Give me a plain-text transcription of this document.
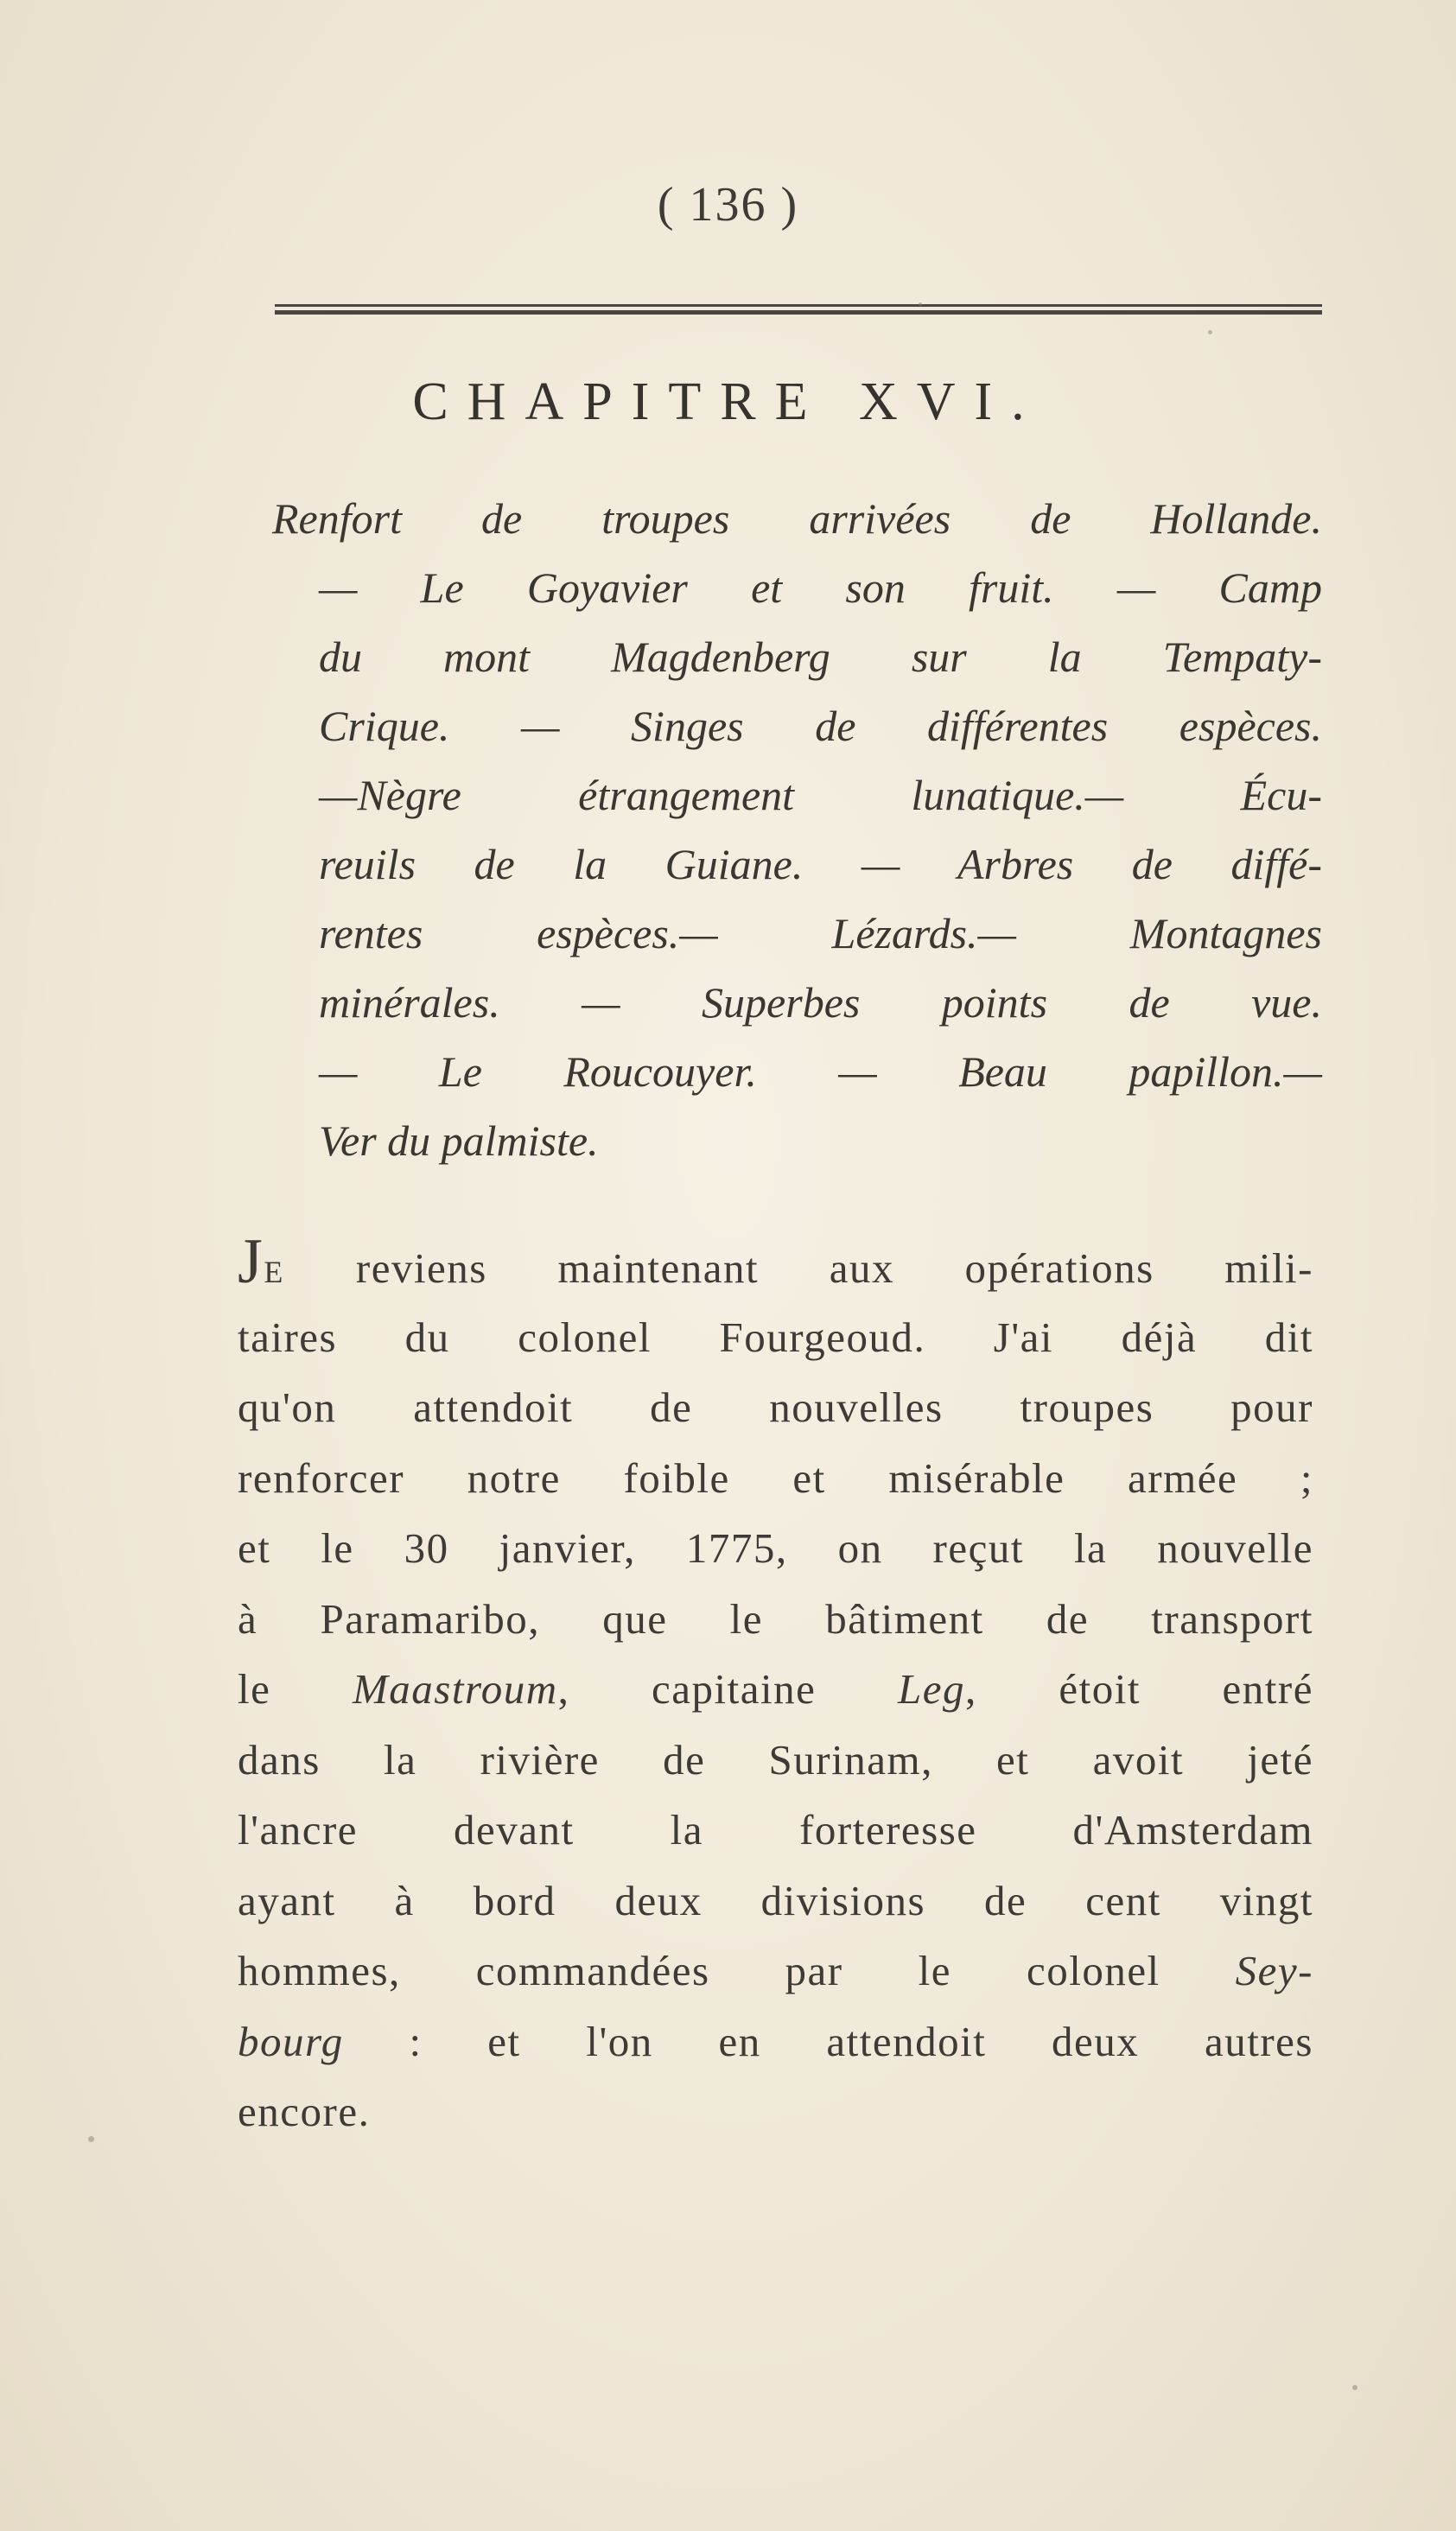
( 136 )
CHAPITRE XVI.
Renfort de troupes arrivées de Hollande.
— Le Goyavier et son fruit. — Camp
du mont Magdenberg sur la Tempaty-
Crique. — Singes de différentes espèces.
—Nègre étrangement lunatique.— Écu-
reuils de la Guiane. — Arbres de diffé-
rentes espèces.— Lézards.— Montagnes
minérales. — Superbes points de vue.
— Le Roucouyer. — Beau papillon.—
Ver du palmiste.
JE reviens maintenant aux opérations mili-
taires du colonel Fourgeoud. J'ai déjà dit
qu'on attendoit de nouvelles troupes pour
renforcer notre foible et misérable armée ;
et le 30 janvier, 1775, on reçut la nouvelle
à Paramaribo, que le bâtiment de transport
le Maastroum, capitaine Leg, étoit entré
dans la rivière de Surinam, et avoit jeté
l'ancre devant la forteresse d'Amsterdam
ayant à bord deux divisions de cent vingt
hommes, commandées par le colonel Sey-
bourg : et l'on en attendoit deux autres
encore.
